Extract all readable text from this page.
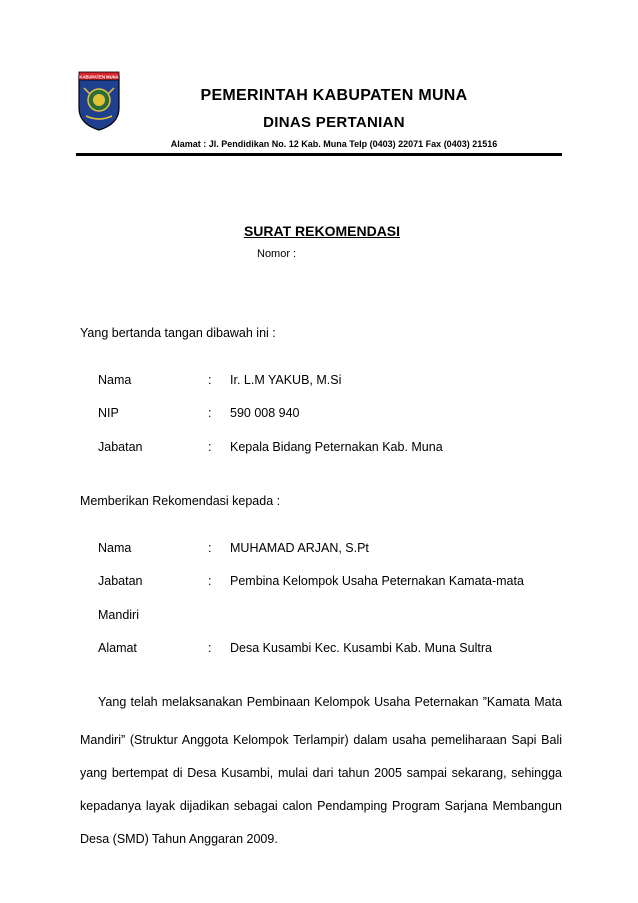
KABUPATEN MUNA
PEMERINTAH KABUPATEN MUNA
DINAS PERTANIAN
Alamat : Jl. Pendidikan No. 12 Kab. Muna Telp (0403) 22071 Fax (0403) 21516
SURAT REKOMENDASI
Nomor :
Yang bertanda tangan dibawah ini :
Nama	: Ir. L.M YAKUB, M.Si
NIP	: 590 008 940
Jabatan	: Kepala Bidang Peternakan Kab. Muna
Memberikan Rekomendasi kepada :
Nama	: MUHAMAD ARJAN, S.Pt
Jabatan	: Pembina Kelompok Usaha Peternakan Kamata-mata
Mandiri
Alamat	: Desa Kusambi Kec. Kusambi Kab. Muna Sultra
Yang telah melaksanakan Pembinaan Kelompok Usaha Peternakan ”Kamata Mata
Mandiri” (Struktur Anggota Kelompok Terlampir) dalam usaha pemeliharaan Sapi Bali
yang bertempat di Desa Kusambi, mulai dari tahun 2005 sampai sekarang, sehingga
kepadanya layak dijadikan sebagai calon Pendamping Program Sarjana Membangun
Desa (SMD) Tahun Anggaran 2009.
